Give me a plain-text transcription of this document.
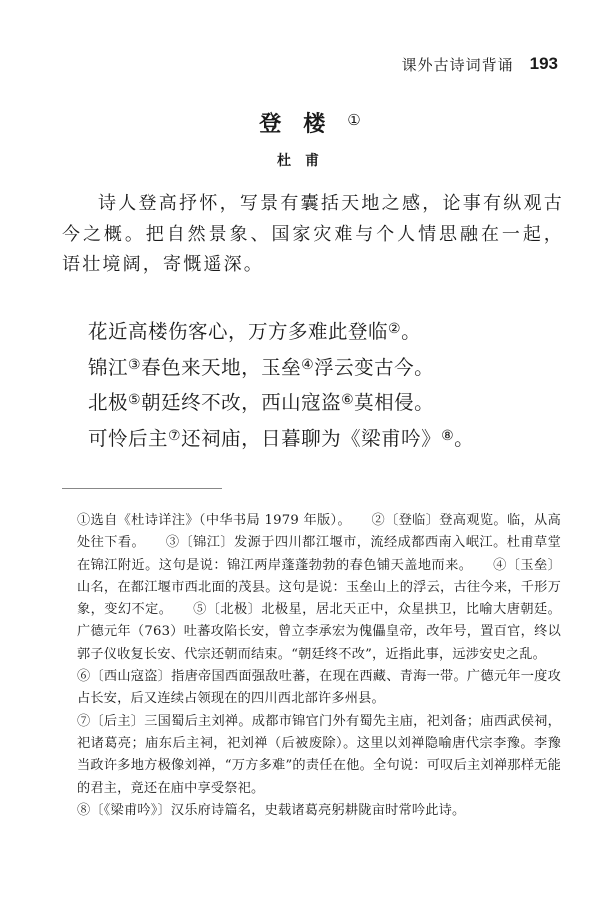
课外古诗词背诵 193
登楼①
杜甫
诗人登高抒怀，写景有囊括天地之感，论事有纵观古今之概。把自然景象、国家灾难与个人情思融在一起，语壮境阔，寄慨遥深。
花近高楼伤客心，万方多难此登临②。
锦江③春色来天地，玉垒④浮云变古今。
北极⑤朝廷终不改，西山寇盗⑥莫相侵。
可怜后主⑦还祠庙，日暮聊为《梁甫吟》⑧。

①选自《杜诗详注》（中华书局 1979 年版）。　　②〔登临〕登高观览。临，从高处往下看。　　③〔锦江〕发源于四川都江堰市，流经成都西南入岷江。杜甫草堂在锦江附近。这句是说：锦江两岸蓬蓬勃勃的春色铺天盖地而来。　　④〔玉垒〕山名，在都江堰市西北面的茂县。这句是说：玉垒山上的浮云，古往今来，千形万象，变幻不定。　　⑤〔北极〕北极星，居北天正中，众星拱卫，比喻大唐朝廷。广德元年（763）吐蕃攻陷长安，曾立李承宏为傀儡皇帝，改年号，置百官，终以郭子仪收复长安、代宗还朝而结束。“朝廷终不改”，近指此事，远涉安史之乱。

⑥〔西山寇盗〕指唐帝国西面强敌吐蕃，在现在西藏、青海一带。广德元年一度攻占长安，后又连续占领现在的四川西北部许多州县。

⑦〔后主〕三国蜀后主刘禅。成都市锦官门外有蜀先主庙，祀刘备；庙西武侯祠，祀诸葛亮；庙东后主祠，祀刘禅（后被废除）。这里以刘禅隐喻唐代宗李豫。李豫当政许多地方极像刘禅，“万方多难”的责任在他。全句说：可叹后主刘禅那样无能的君主，竟还在庙中享受祭祀。

⑧〔《梁甫吟》〕汉乐府诗篇名，史载诸葛亮躬耕陇亩时常吟此诗。
